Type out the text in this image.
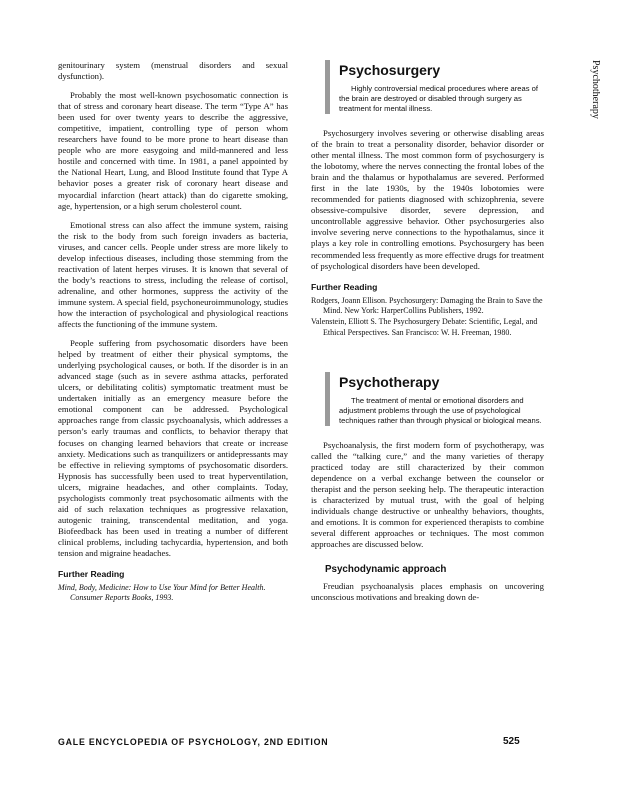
genitourinary system (menstrual disorders and sexual dysfunction).

Probably the most well-known psychosomatic connection is that of stress and coronary heart disease. The term “Type A” has been used for over twenty years to describe the aggressive, competitive, impatient, controlling type of person whom researchers have found to be more prone to heart disease than people who are more easygoing and mild-mannered and less hostile and concerned with time. In 1981, a panel appointed by the National Heart, Lung, and Blood Institute found that Type A behavior poses a greater risk of coronary heart disease and myocardial infarction (heart attack) than do cigarette smoking, age, hypertension, or a high serum cholesterol count.

Emotional stress can also affect the immune system, raising the risk to the body from such foreign invaders as bacteria, viruses, and cancer cells. People under stress are more likely to develop infectious diseases, including those stemming from the reactivation of latent herpes viruses. It is known that several of the body’s reactions to stress, including the release of cortisol, adrenaline, and other hormones, suppress the activity of the immune system. A special field, psychoneuroimmunology, studies how the interaction of psychological and physiological reactions affects the functioning of the immune system.

People suffering from psychosomatic disorders have been helped by treatment of either their physical symptoms, the underlying psychological causes, or both. If the disorder is in an advanced stage (such as in severe asthma attacks, perforated ulcers, or debilitating colitis) symptomatic treatment must be undertaken initially as an emergency measure before the emotional component can be addressed. Psychological approaches range from classic psychoanalysis, which addresses a person’s early traumas and conflicts, to behavior therapy that focuses on changing learned behaviors that create or increase anxiety. Medications such as tranquilizers or antidepressants may be effective in relieving symptoms of psychosomatic disorders. Hypnosis has successfully been used to treat hyperventilation, ulcers, migraine headaches, and other complaints. Today, psychologists commonly treat psychosomatic ailments with the aid of such relaxation techniques as progressive relaxation, autogenic training, transcendental meditation, and yoga. Biofeedback has been used in treating a number of different clinical problems, including tachycardia, hypertension, and both tension and migraine headaches.

Further Reading
Mind, Body, Medicine: How to Use Your Mind for Better Health. Consumer Reports Books, 1993.
Psychosurgery

Highly controversial medical procedures where areas of the brain are destroyed or disabled through surgery as treatment for mental illness.

Psychosurgery involves severing or otherwise disabling areas of the brain to treat a personality disorder, behavior disorder or other mental illness. The most common form of psychosurgery is the lobotomy, where the nerves connecting the frontal lobes of the brain and the thalamus or hypothalamus are severed. Performed first in the late 1930s, by the 1940s lobotomies were recommended for patients diagnosed with schizophrenia, severe obsessive-compulsive disorder, severe depression, and uncontrollable aggressive behavior. Other psychosurgeries also involve severing nerve connections to the hypothalamus, since it plays a key role in controlling emotions. Psychosurgery has been recommended less frequently as more effective drugs for treatment of psychological disorders have been developed.

Further Reading
Rodgers, Joann Ellison. Psychosurgery: Damaging the Brain to Save the Mind. New York: HarperCollins Publishers, 1992.
Valenstein, Elliott S. The Psychosurgery Debate: Scientific, Legal, and Ethical Perspectives. San Francisco: W. H. Freeman, 1980.
Psychotherapy

The treatment of mental or emotional disorders and adjustment problems through the use of psychological techniques rather than through physical or biological means.

Psychoanalysis, the first modern form of psychotherapy, was called the “talking cure,” and the many varieties of therapy practiced today are still characterized by their common dependence on a verbal exchange between the counselor or therapist and the person seeking help. The therapeutic interaction is characterized by mutual trust, with the goal of helping individuals change destructive or unhealthy behaviors, thoughts, and emotions. It is common for experienced therapists to combine several different approaches or techniques. The most common approaches are discussed below.

Psychodynamic approach

Freudian psychoanalysis places emphasis on uncovering unconscious motivations and breaking down de-

Psychotherapy
GALE ENCYCLOPEDIA OF PSYCHOLOGY, 2ND EDITION	525
